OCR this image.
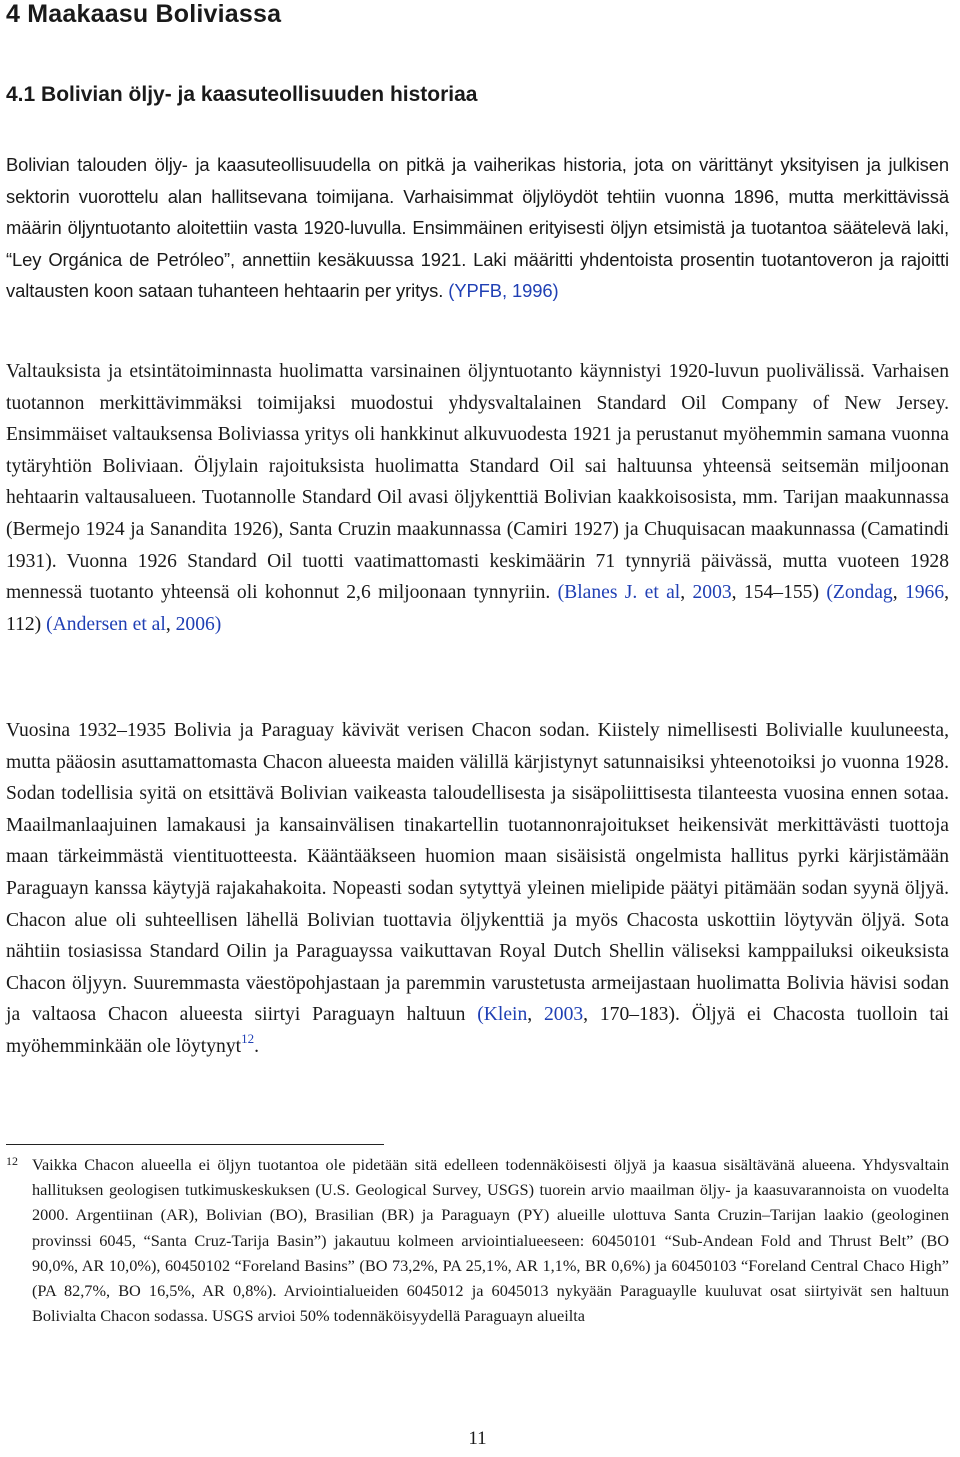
4 Maakaasu Boliviassa
4.1 Bolivian öljy- ja kaasuteollisuuden historiaa

Bolivian talouden öljy- ja kaasuteollisuudella on pitkä ja vaiherikas historia, jota on värittänyt yksityisen ja julkisen sektorin vuorottelu alan hallitsevana toimijana. Varhaisimmat öljylöydöt tehtiin vuonna 1896, mutta merkittävissä määrin öljyntuotanto aloitettiin vasta 1920-luvulla. Ensimmäinen erityisesti öljyn etsimistä ja tuotantoa säätelevä laki, “Ley Orgánica de Petróleo”, annettiin kesäkuussa 1921. Laki määritti yhdentoista prosentin tuotantoveron ja rajoitti valtausten koon sataan tuhanteen hehtaarin per yritys. (YPFB, 1996)

Valtauksista ja etsintätoiminnasta huolimatta varsinainen öljyntuotanto käynnistyi 1920-luvun puolivälissä. Varhaisen tuotannon merkittävimmäksi toimijaksi muodostui yhdysvaltalainen Standard Oil Company of New Jersey. Ensimmäiset valtauksensa Boliviassa yritys oli hankkinut alkuvuodesta 1921 ja perustanut myöhemmin samana vuonna tytäryhtiön Boliviaan. Öljylain rajoituksista huolimatta Standard Oil sai haltuunsa yhteensä seitsemän miljoonan hehtaarin valtausalueen. Tuotannolle Standard Oil avasi öljykenttiä Bolivian kaakkoisosista, mm. Tarijan maakunnassa (Bermejo 1924 ja Sanandita 1926), Santa Cruzin maakunnassa (Camiri 1927) ja Chuquisacan maakunnassa (Camatindi 1931). Vuonna 1926 Standard Oil tuotti vaatimattomasti keskimäärin 71 tynnyriä päivässä, mutta vuoteen 1928 mennessä tuotanto yhteensä oli kohonnut 2,6 miljoonaan tynnyriin. (Blanes J. et al, 2003, 154–155) (Zondag, 1966, 112) (Andersen et al, 2006)

Vuosina 1932–1935 Bolivia ja Paraguay kävivät verisen Chacon sodan. Kiistely nimellisesti Bolivialle kuuluneesta, mutta pääosin asuttamattomasta Chacon alueesta maiden välillä kärjistynyt satunnaisiksi yhteenotoiksi jo vuonna 1928. Sodan todellisia syitä on etsittävä Bolivian vaikeasta taloudellisesta ja sisäpoliittisesta tilanteesta vuosina ennen sotaa. Maailmanlaajuinen lamakausi ja kansainvälisen tinakartellin tuotannonrajoitukset heikensivät merkittävästi tuottoja maan tärkeimmästä vientituotteesta. Kääntääkseen huomion maan sisäisistä ongelmista hallitus pyrki kärjistämään Paraguayn kanssa käytyjä rajakahakoita. Nopeasti sodan sytyttyä yleinen mielipide päätyi pitämään sodan syynä öljyä. Chacon alue oli suhteellisen lähellä Bolivian tuottavia öljykenttiä ja myös Chacosta uskottiin löytyvän öljyä. Sota nähtiin tosiasissa Standard Oilin ja Paraguayssa vaikuttavan Royal Dutch Shellin väliseksi kamppailuksi oikeuksista Chacon öljyyn. Suuremmasta väestöpohjastaan ja paremmin varustetusta armeijastaan huolimatta Bolivia hävisi sodan ja valtaosa Chacon alueesta siirtyi Paraguayn haltuun (Klein, 2003, 170–183). Öljyä ei Chacosta tuolloin tai myöhemminkään ole löytynyt$^{12}$.

12 Vaikka Chacon alueella ei öljyn tuotantoa ole pidetään sitä edelleen todennäköisesti öljyä ja kaasua sisältävänä alueena. Yhdysvaltain hallituksen geologisen tutkimuskeskuksen (U.S. Geological Survey, USGS) tuorein arvio maailman öljy- ja kaasuvarannoista on vuodelta 2000. Argentiinan (AR), Bolivian (BO), Brasilian (BR) ja Paraguayn (PY) alueille ulottuva Santa Cruzin–Tarijan laakio (geologinen provinssi 6045, “Santa Cruz-Tarija Basin”) jakautuu kolmeen arviointialueeseen: 60450101 “Sub-Andean Fold and Thrust Belt” (BO 90,0%, AR 10,0%), 60450102 “Foreland Basins” (BO 73,2%, PA 25,1%, AR 1,1%, BR 0,6%) ja 60450103 “Foreland Central Chaco High” (PA 82,7%, BO 16,5%, AR 0,8%). Arviointialueiden 6045012 ja 6045013 nykyään Paraguaylle kuuluvat osat siirtyivät sen haltuun Bolivialta Chacon sodassa. USGS arvioi 50% todennäköisyydellä Paraguayn alueilta

11
